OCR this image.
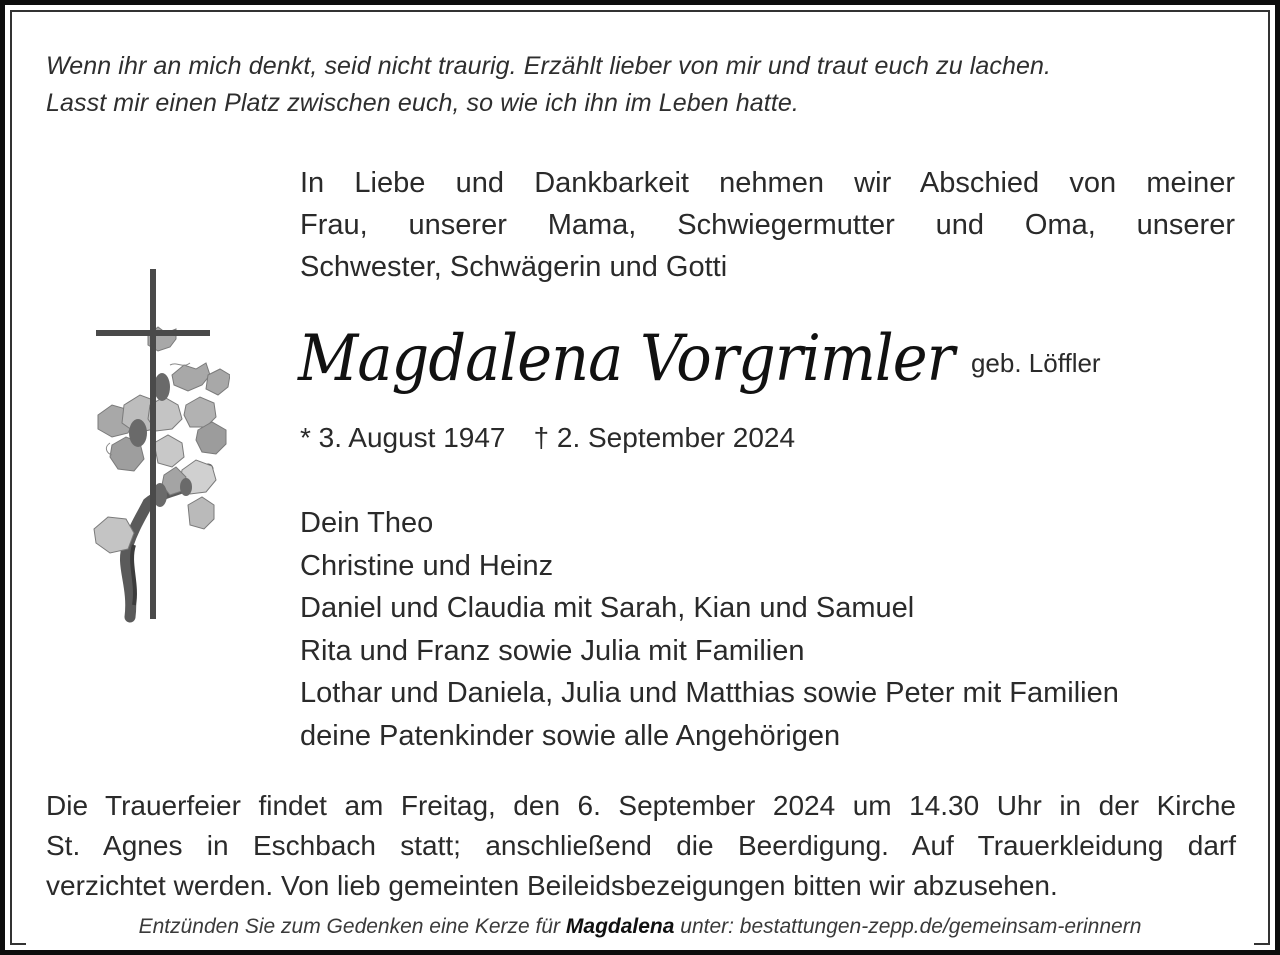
Wenn ihr an mich denkt, seid nicht traurig. Erzählt lieber von mir und traut euch zu lachen.
Lasst mir einen Platz zwischen euch, so wie ich ihn im Leben hatte.
In Liebe und Dankbarkeit nehmen wir Abschied von meiner
Frau, unserer Mama, Schwiegermutter und Oma, unserer
Schwester, Schwägerin und Gotti
Magdalena Vorgrimler geb. Löffler
* 3. August 1947 † 2. September 2024
Dein Theo
Christine und Heinz
Daniel und Claudia mit Sarah, Kian und Samuel
Rita und Franz sowie Julia mit Familien
Lothar und Daniela, Julia und Matthias sowie Peter mit Familien
deine Patenkinder sowie alle Angehörigen
Die Trauerfeier findet am Freitag, den 6. September 2024 um 14.30 Uhr in der Kirche
St. Agnes in Eschbach statt; anschließend die Beerdigung. Auf Trauerkleidung darf
verzichtet werden. Von lieb gemeinten Beileidsbezeigungen bitten wir abzusehen.
Entzünden Sie zum Gedenken eine Kerze für Magdalena unter: bestattungen-zepp.de/gemeinsam-erinnern
